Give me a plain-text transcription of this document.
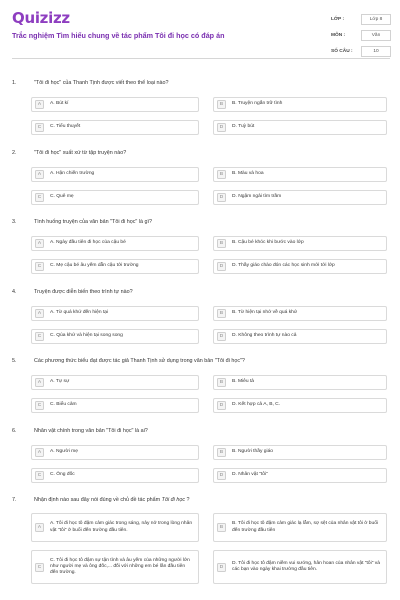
Quizizz
Trắc nghiệm Tìm hiểu chung về tác phẩm Tôi đi học có đáp án
LỚP :	Lớp 8
MÔN :	Văn
SỐ CÂU :	10
1.	"Tôi đi học" của Thanh Tịnh được viết theo thể loại nào?
A	A. Bút kí	B	B. Truyện ngắn trữ tình
C	C. Tiểu thuyết	D	D. Tuỳ bút
2.	"Tôi đi học" xuất xứ từ tập truyện nào?
A	A. Hận chiến trường	B	B. Màu và hoa
C	C. Quê mẹ	D	D. Ngậm ngải tìm trầm
3.	Tình huống truyện của văn bản "Tôi đi học" là gì?
A	A. Ngày đầu tiên đi học của cậu bé	B	B. Cậu bé khóc khi bước vào lớp
C	C. Mẹ cậu bé âu yếm dẫn cậu tới trường	D	D. Thầy giáo chào đón các học sinh mới tới lớp
4.	Truyện được diễn biến theo trình tự nào?
A	A. Từ quá khứ đến hiện tại	B	B. Từ hiện tại nhớ về quá khứ
C	C. Qúa khứ và hiện tại song song	D	D. Không theo trình tự nào cả
5.	Các phương thức biểu đạt được tác giả Thanh Tịnh sử dụng trong văn bản "Tôi đi học"?
A	A. Tự sự	B	B. Miêu tả
C	C. Biểu cảm	D	D. Kết hợp cả A, B, C.
6.	Nhân vật chính trong văn bản "Tôi đi học" là ai?
A	A. Người mẹ	B	B. Người thầy giáo
C	C. Ông đốc	D	D. Nhân vật "tôi"
7.	Nhận định nào sau đây nói đúng về chủ đề tác phẩm Tôi đi học ?
A
A. Tôi đi học tô đậm cảm giác trong sáng, nảy nở trong lòng nhân vật "tôi" ở buổi đến trường đầu tiên.	B
B. Tôi đi học tô đậm cảm giác lạ lẫm, sợ sệt của nhân vật tôi ở buổi đến trường đầu tiên
C
C. Tôi đi học tô đậm sự tận tình và âu yếm của những người lớn như người mẹ và ông đốc,... đối với những em bé lần đầu tiên đến trường.
D
D. Tôi đi học tô đậm niềm vui sướng, hân hoan của nhân vật "tôi" và các bạn vào ngày khai trường đầu tiên.
